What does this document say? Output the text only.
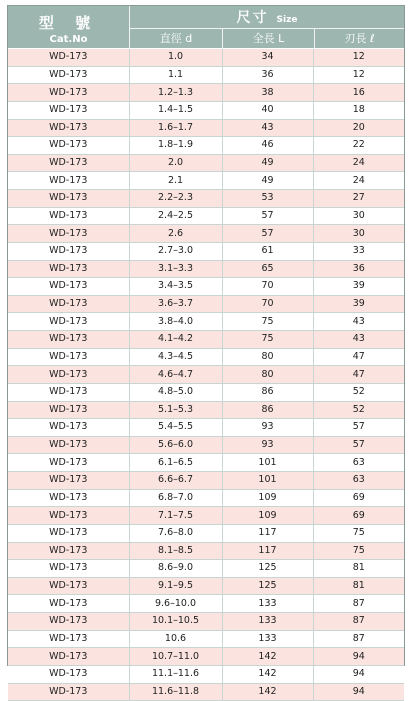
型 號
Cat.No
尺寸 Size
直徑 d	全長 L	刃長 ℓ
WD-173	1.0	34	12
WD-173	1.1	36	12
WD-173	1.2–1.3	38	16
WD-173	1.4–1.5	40	18
WD-173	1.6–1.7	43	20
WD-173	1.8–1.9	46	22
WD-173	2.0	49	24
WD-173	2.1	49	24
WD-173	2.2–2.3	53	27
WD-173	2.4–2.5	57	30
WD-173	2.6	57	30
WD-173	2.7–3.0	61	33
WD-173	3.1–3.3	65	36
WD-173	3.4–3.5	70	39
WD-173	3.6–3.7	70	39
WD-173	3.8–4.0	75	43
WD-173	4.1–4.2	75	43
WD-173	4.3–4.5	80	47
WD-173	4.6–4.7	80	47
WD-173	4.8–5.0	86	52
WD-173	5.1–5.3	86	52
WD-173	5.4–5.5	93	57
WD-173	5.6–6.0	93	57
WD-173	6.1–6.5	101	63
WD-173	6.6–6.7	101	63
WD-173	6.8–7.0	109	69
WD-173	7.1–7.5	109	69
WD-173	7.6–8.0	117	75
WD-173	8.1–8.5	117	75
WD-173	8.6–9.0	125	81
WD-173	9.1–9.5	125	81
WD-173	9.6–10.0	133	87
WD-173	10.1–10.5	133	87
WD-173	10.6	133	87
WD-173	10.7–11.0	142	94
WD-173	11.1–11.6	142	94
WD-173	11.6–11.8	142	94
